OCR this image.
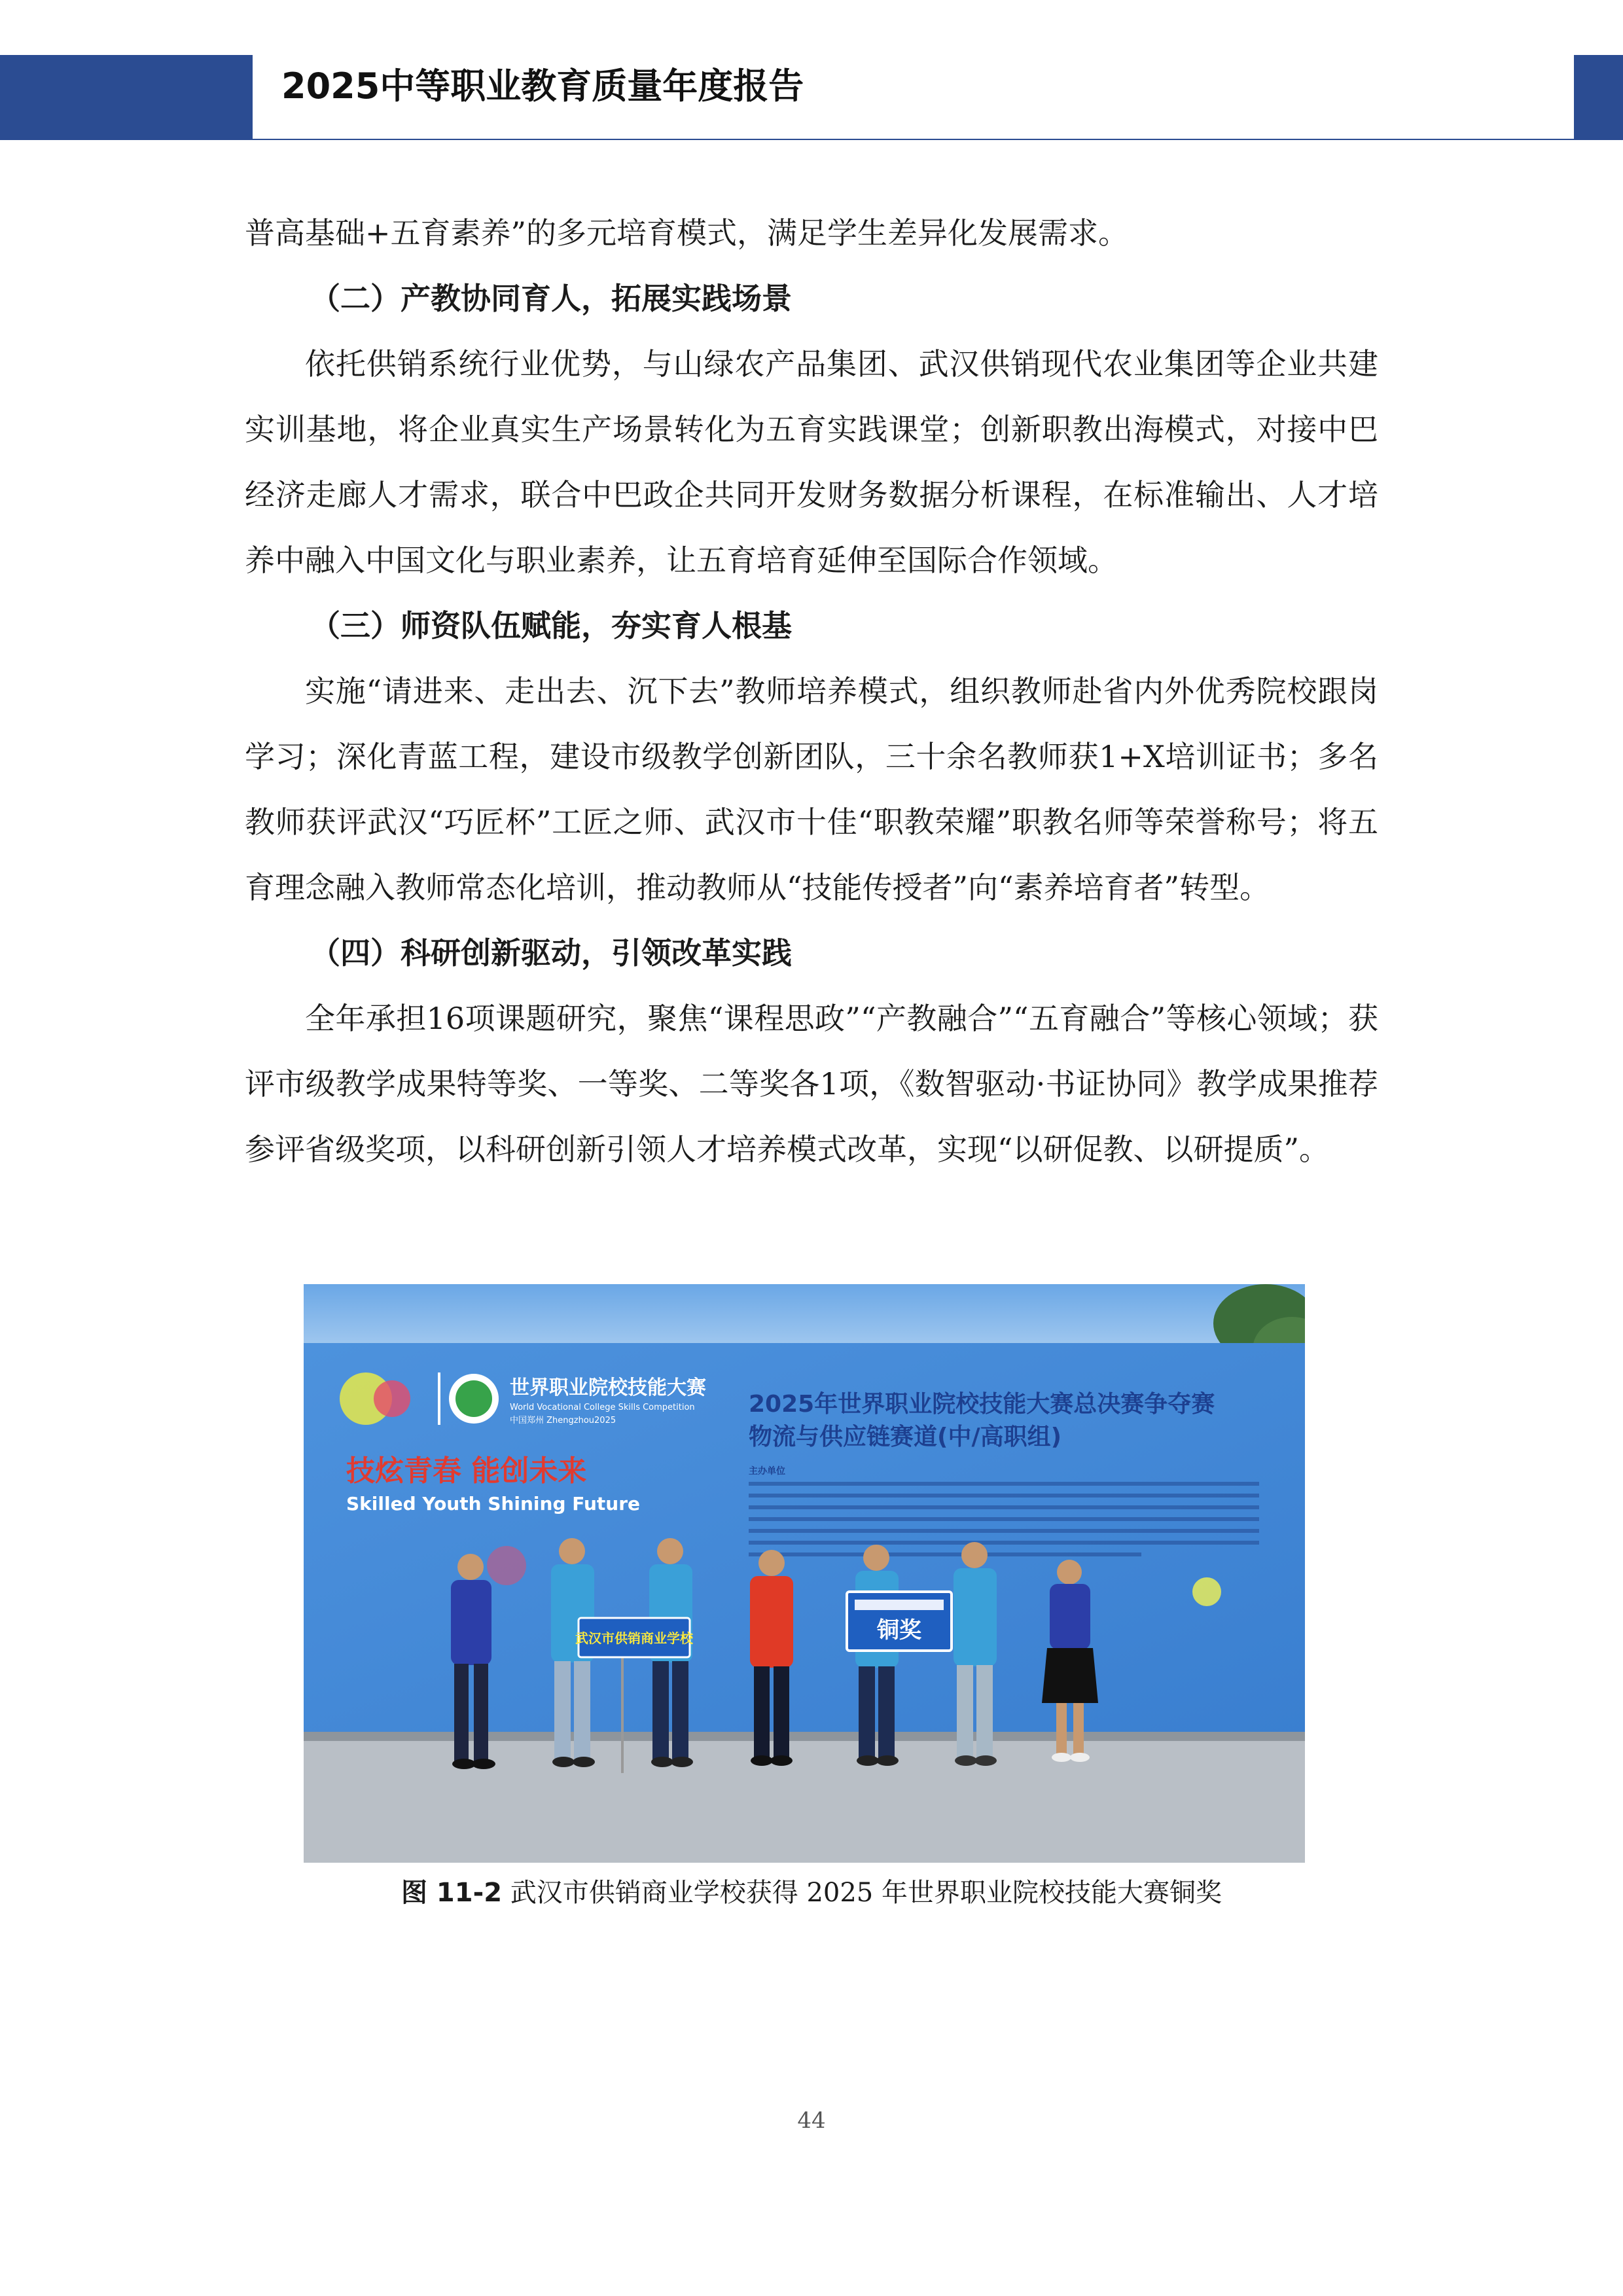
2025中等职业教育质量年度报告

普高基础+五育素养”的多元培育模式，满足学生差异化发展需求。

（二）产教协同育人，拓展实践场景

依托供销系统行业优势，与山绿农产品集团、武汉供销现代农业集团等企业共建实训基地，将企业真实生产场景转化为五育实践课堂；创新职教出海模式，对接中巴经济走廊人才需求，联合中巴政企共同开发财务数据分析课程，在标准输出、人才培养中融入中国文化与职业素养，让五育培育延伸至国际合作领域。

（三）师资队伍赋能，夯实育人根基

实施“请进来、走出去、沉下去”教师培养模式，组织教师赴省内外优秀院校跟岗学习；深化青蓝工程，建设市级教学创新团队，三十余名教师获1+X培训证书；多名教师获评武汉“巧匠杯”工匠之师、武汉市十佳“职教荣耀”职教名师等荣誉称号；将五育理念融入教师常态化培训，推动教师从“技能传授者”向“素养培育者”转型。

（四）科研创新驱动，引领改革实践

全年承担16项课题研究，聚焦“课程思政”“产教融合”“五育融合”等核心领域；获评市级教学成果特等奖、一等奖、二等奖各1项，《数智驱动·书证协同》教学成果推荐参评省级奖项，以科研创新引领人才培养模式改革，实现“以研促教、以研提质”。

世界职业院校技能大赛
World Vocational College Skills Competition
中国郑州 Zhengzhou2025
2025年世界职业院校技能大赛总决赛争夺赛
物流与供应链赛道(中/高职组)
技炫青春 能创未来
Skilled Youth Shining Future
主办单位
武汉市供销商业学校	铜奖
图 11-2 武汉市供销商业学校获得 2025 年世界职业院校技能大赛铜奖
44
